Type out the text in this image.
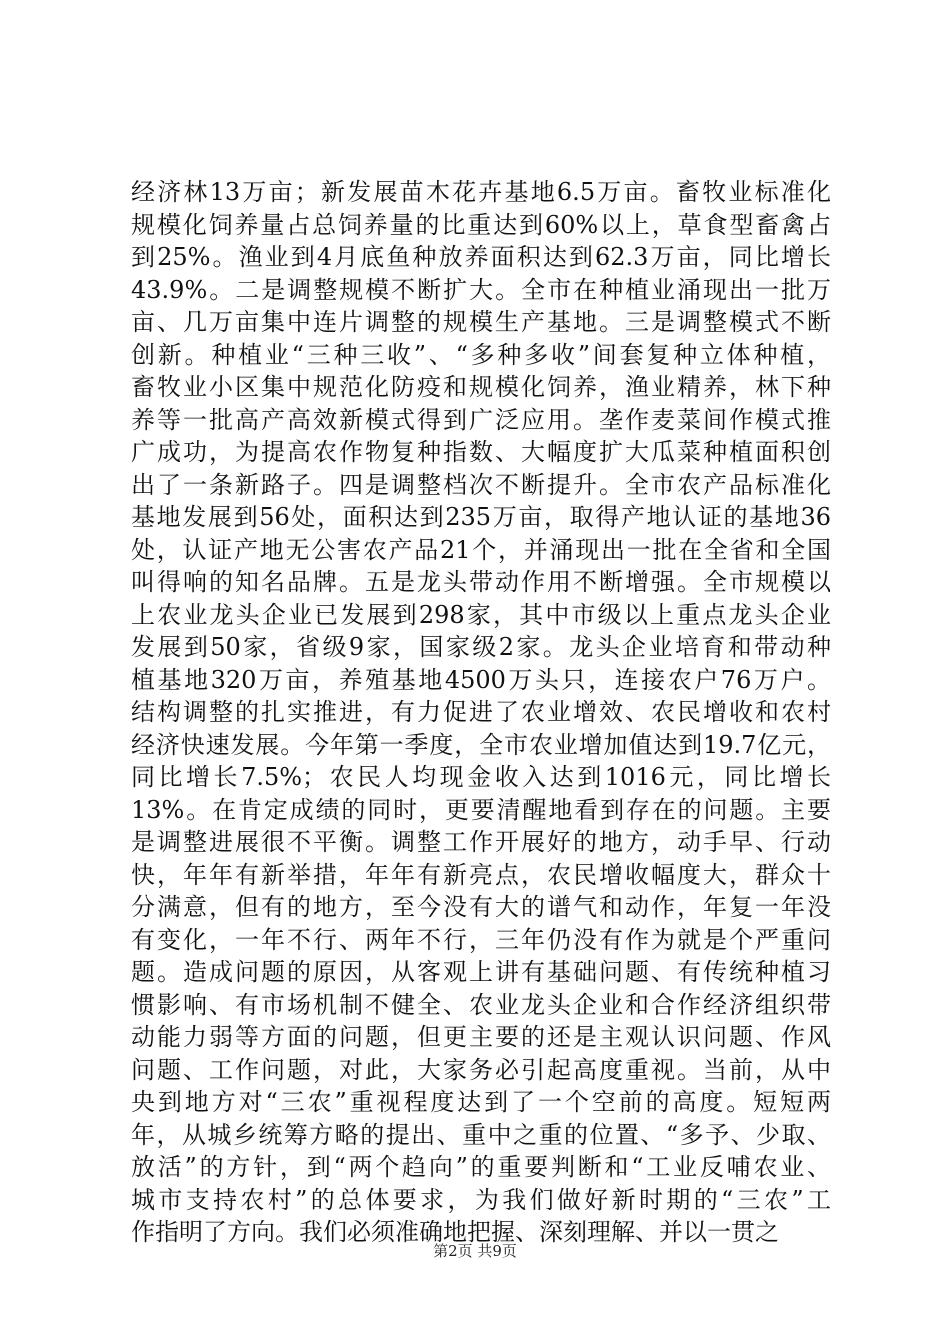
经济林13万亩；新发展苗木花卉基地6.5万亩。畜牧业标准化
规模化饲养量占总饲养量的比重达到60%以上，草食型畜禽占
到25%。渔业到4月底鱼种放养面积达到62.3万亩，同比增长
43.9%。二是调整规模不断扩大。全市在种植业涌现出一批万
亩、几万亩集中连片调整的规模生产基地。三是调整模式不断
创新。种植业“三种三收”、“多种多收”间套复种立体种植，
畜牧业小区集中规范化防疫和规模化饲养，渔业精养，林下种
养等一批高产高效新模式得到广泛应用。垄作麦菜间作模式推
广成功，为提高农作物复种指数、大幅度扩大瓜菜种植面积创
出了一条新路子。四是调整档次不断提升。全市农产品标准化
基地发展到56处，面积达到235万亩，取得产地认证的基地36
处，认证产地无公害农产品21个，并涌现出一批在全省和全国
叫得响的知名品牌。五是龙头带动作用不断增强。全市规模以
上农业龙头企业已发展到298家，其中市级以上重点龙头企业
发展到50家，省级9家，国家级2家。龙头企业培育和带动种
植基地320万亩，养殖基地4500万头只，连接农户76万户。
结构调整的扎实推进，有力促进了农业增效、农民增收和农村
经济快速发展。今年第一季度，全市农业增加值达到19.7亿元，
同比增长7.5%；农民人均现金收入达到1016元，同比增长
13%。在肯定成绩的同时，更要清醒地看到存在的问题。主要
是调整进展很不平衡。调整工作开展好的地方，动手早、行动
快，年年有新举措，年年有新亮点，农民增收幅度大，群众十
分满意，但有的地方，至今没有大的谱气和动作，年复一年没
有变化，一年不行、两年不行，三年仍没有作为就是个严重问
题。造成问题的原因，从客观上讲有基础问题、有传统种植习
惯影响、有市场机制不健全、农业龙头企业和合作经济组织带
动能力弱等方面的问题，但更主要的还是主观认识问题、作风
问题、工作问题，对此，大家务必引起高度重视。当前，从中
央到地方对“三农”重视程度达到了一个空前的高度。短短两
年，从城乡统筹方略的提出、重中之重的位置、“多予、少取、
放活”的方针，到“两个趋向”的重要判断和“工业反哺农业、
城市支持农村”的总体要求，为我们做好新时期的“三农”工
作指明了方向。我们必须准确地把握、深刻理解、并以一贯之
第2页 共9页
